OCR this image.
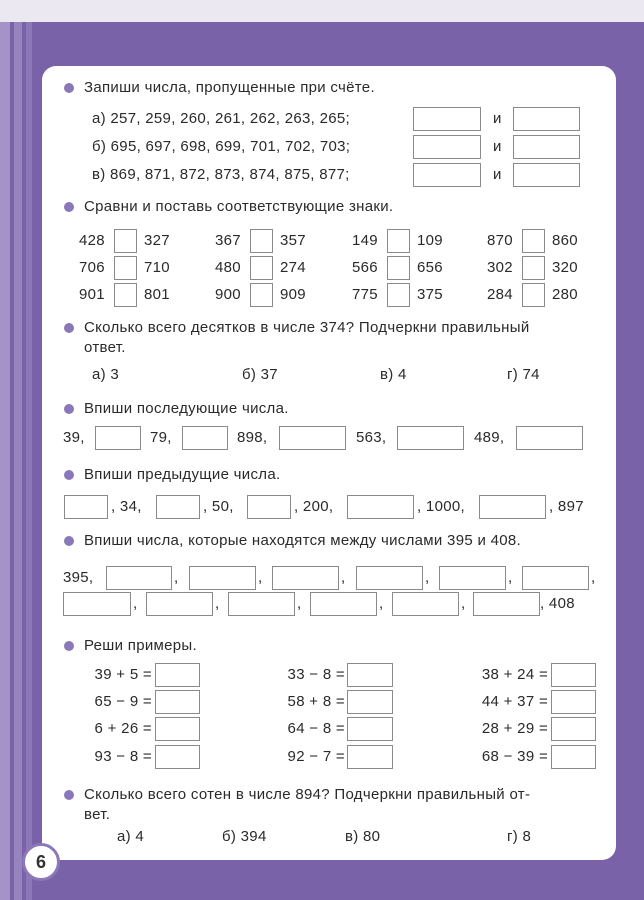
Запиши числа, пропущенные при счёте.
а) 257, 259, 260, 261, 262, 263, 265;	и
б) 695, 697, 698, 699, 701, 702, 703;	и
в) 869, 871, 872, 873, 874, 875, 877;	и
Сравни и поставь соответствующие знаки.
428	327	367	357	149	109	870	860
706	710	480	274	566	656	302	320
901	801	900	909	775	375	284	280
Сколько всего десятков в числе 374? Подчеркни правильный
ответ.
а) 3	б) 37	в) 4	г) 74
Впиши последующие числа.
39,	79,	898,	563,	489,
Впиши предыдущие числа.
, 34,	, 50,	, 200,	, 1000,	, 897
Впиши числа, которые находятся между числами 395 и 408.
395,	,	,	,	,	,	,
,	,	,	,	,	, 408
Реши примеры.
39 + 5 =	33 − 8 =	38 + 24 =
65 − 9 =	58 + 8 =	44 + 37 =
6 + 26 =	64 − 8 =	28 + 29 =
93 − 8 =	92 − 7 =	68 − 39 =
Сколько всего сотен в числе 894? Подчеркни правильный от-
вет.
а) 4	б) 394	в) 80	г) 8
6
